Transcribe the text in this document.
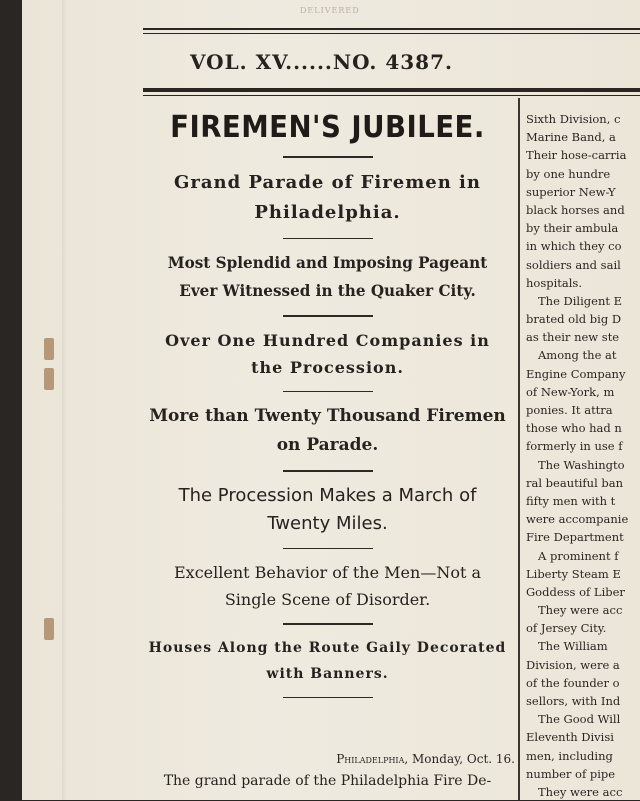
DELIVERED
VOL. XV......NO. 4387.
FIREMEN'S JUBILEE.
Grand Parade of Firemen in Philadelphia.
Most Splendid and Imposing Pageant Ever Witnessed in the Quaker City.
Over One Hundred Companies in the Procession.
More than Twenty Thousand Firemen on Parade.
The Procession Makes a March of Twenty Miles.
Excellent Behavior of the Men—Not a Single Scene of Disorder.
Houses Along the Route Gaily Decorated with Banners.
Philadelphia, Monday, Oct. 16.
The grand parade of the Philadelphia Fire De-
Sixth Division, c
Marine Band, a
Their hose-carria
by one hundre
superior New-Y
black horses and
by their ambula
in which they co
soldiers and sail
hospitals.
The Diligent E
brated old big D
as their new ste
Among the at
Engine Company
of New-York, m
ponies. It attra
those who had n
formerly in use f
The Washingto
ral beautiful ban
fifty men with t
were accompanie
Fire Department
A prominent f
Liberty Steam E
Goddess of Liber
They were acc
of Jersey City.
The William
Division, were a
of the founder o
sellors, with Ind
The Good Will
Eleventh Divisi
men, including
number of pipe
They were acc
